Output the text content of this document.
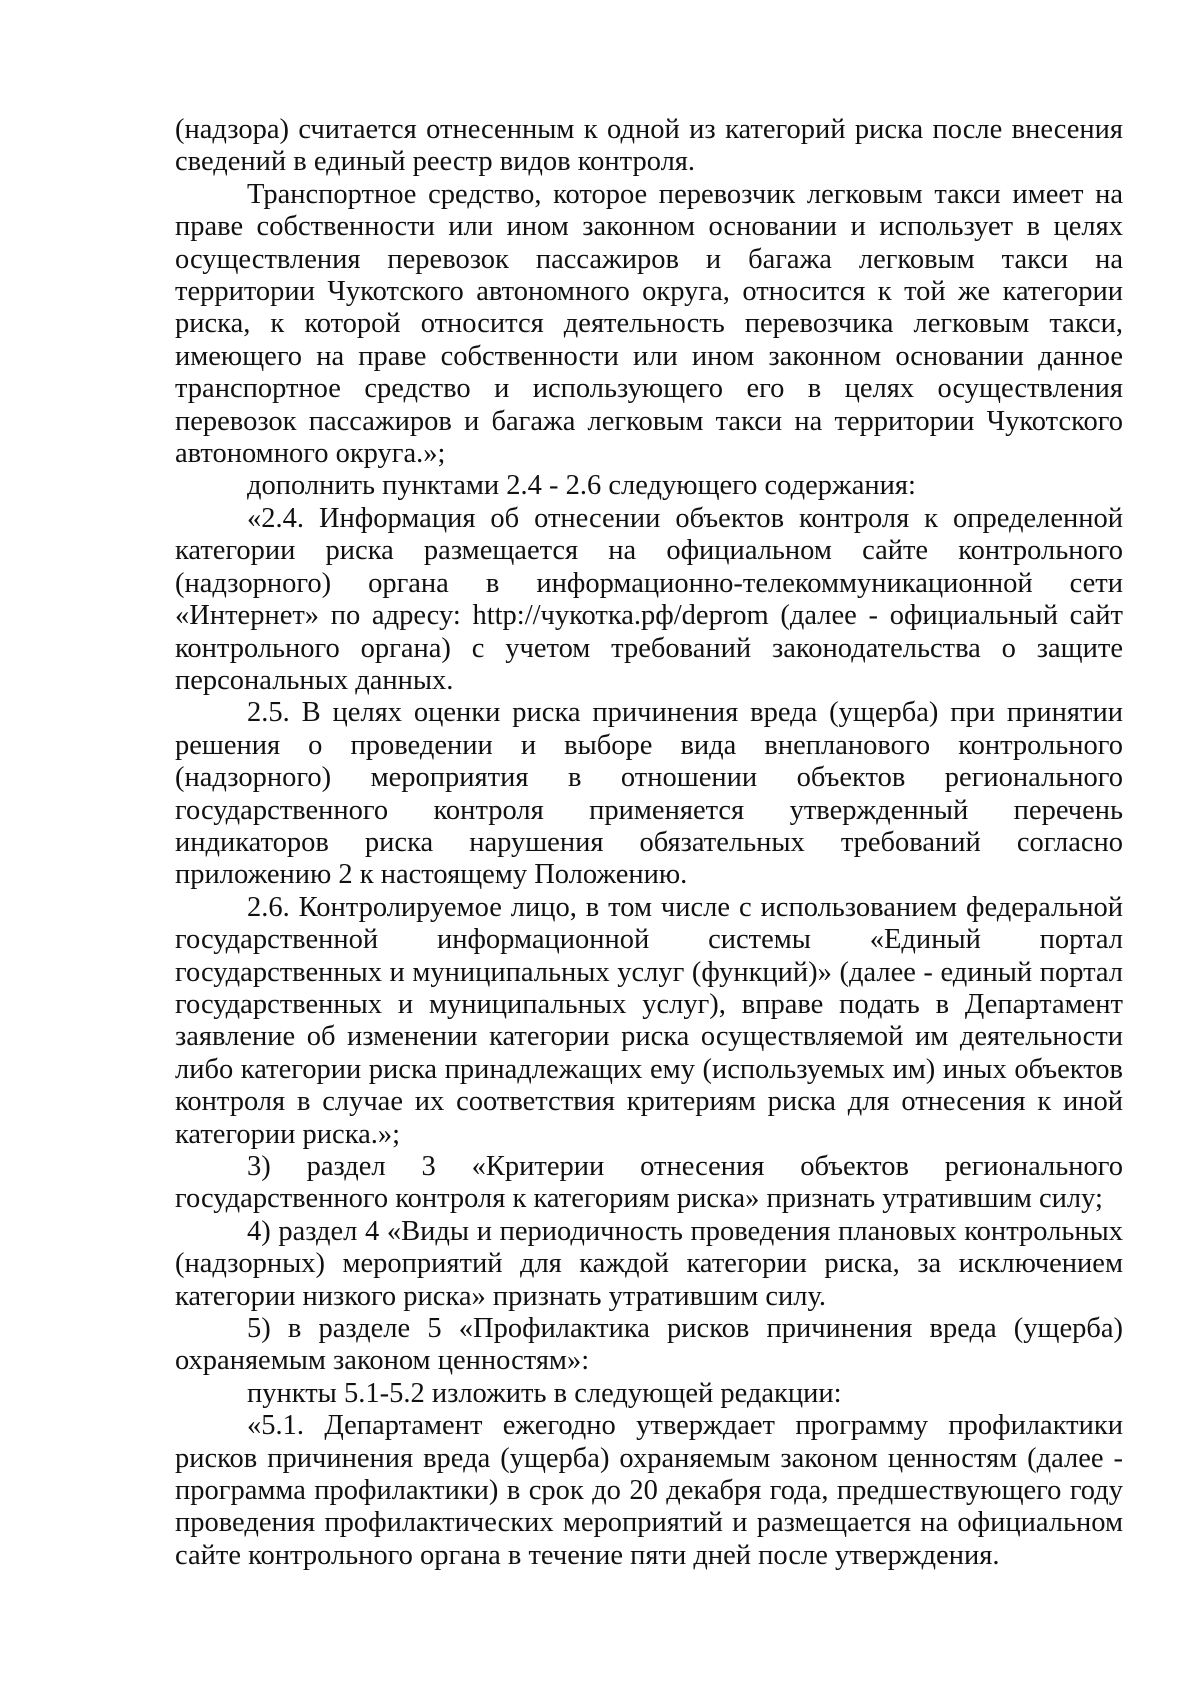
(надзора) считается отнесенным к одной из категорий риска после внесения сведений в единый реестр видов контроля.

Транспортное средство, которое перевозчик легковым такси имеет на праве собственности или ином законном основании и использует в целях осуществления перевозок пассажиров и багажа легковым такси на территории Чукотского автономного округа, относится к той же категории риска, к которой относится деятельность перевозчика легковым такси, имеющего на праве собственности или ином законном основании данное транспортное средство и использующего его в целях осуществления перевозок пассажиров и багажа легковым такси на территории Чукотского автономного округа.»;

дополнить пунктами 2.4 - 2.6 следующего содержания:

«2.4. Информация об отнесении объектов контроля к определенной категории риска размещается на официальном сайте контрольного (надзорного) органа в информационно-телекоммуникационной сети «Интернет» по адресу: http://чукотка.рф/deprom (далее - официальный сайт контрольного органа) с учетом требований законодательства о защите персональных данных.

2.5. В целях оценки риска причинения вреда (ущерба) при принятии решения о проведении и выборе вида внепланового контрольного (надзорного) мероприятия в отношении объектов регионального государственного контроля применяется утвержденный перечень индикаторов риска нарушения обязательных требований согласно приложению 2 к настоящему Положению.

2.6. Контролируемое лицо, в том числе с использованием федеральной государственной информационной системы «Единый портал государственных и муниципальных услуг (функций)» (далее - единый портал государственных и муниципальных услуг), вправе подать в Департамент заявление об изменении категории риска осуществляемой им деятельности либо категории риска принадлежащих ему (используемых им) иных объектов контроля в случае их соответствия критериям риска для отнесения к иной категории риска.»;

3) раздел 3 «Критерии отнесения объектов регионального государственного контроля к категориям риска» признать утратившим силу;

4) раздел 4 «Виды и периодичность проведения плановых контрольных (надзорных) мероприятий для каждой категории риска, за исключением категории низкого риска» признать утратившим силу.

5) в разделе 5 «Профилактика рисков причинения вреда (ущерба) охраняемым законом ценностям»:

пункты 5.1-5.2 изложить в следующей редакции:

«5.1. Департамент ежегодно утверждает программу профилактики рисков причинения вреда (ущерба) охраняемым законом ценностям (далее - программа профилактики) в срок до 20 декабря года, предшествующего году проведения профилактических мероприятий и размещается на официальном сайте контрольного органа в течение пяти дней после утверждения.
